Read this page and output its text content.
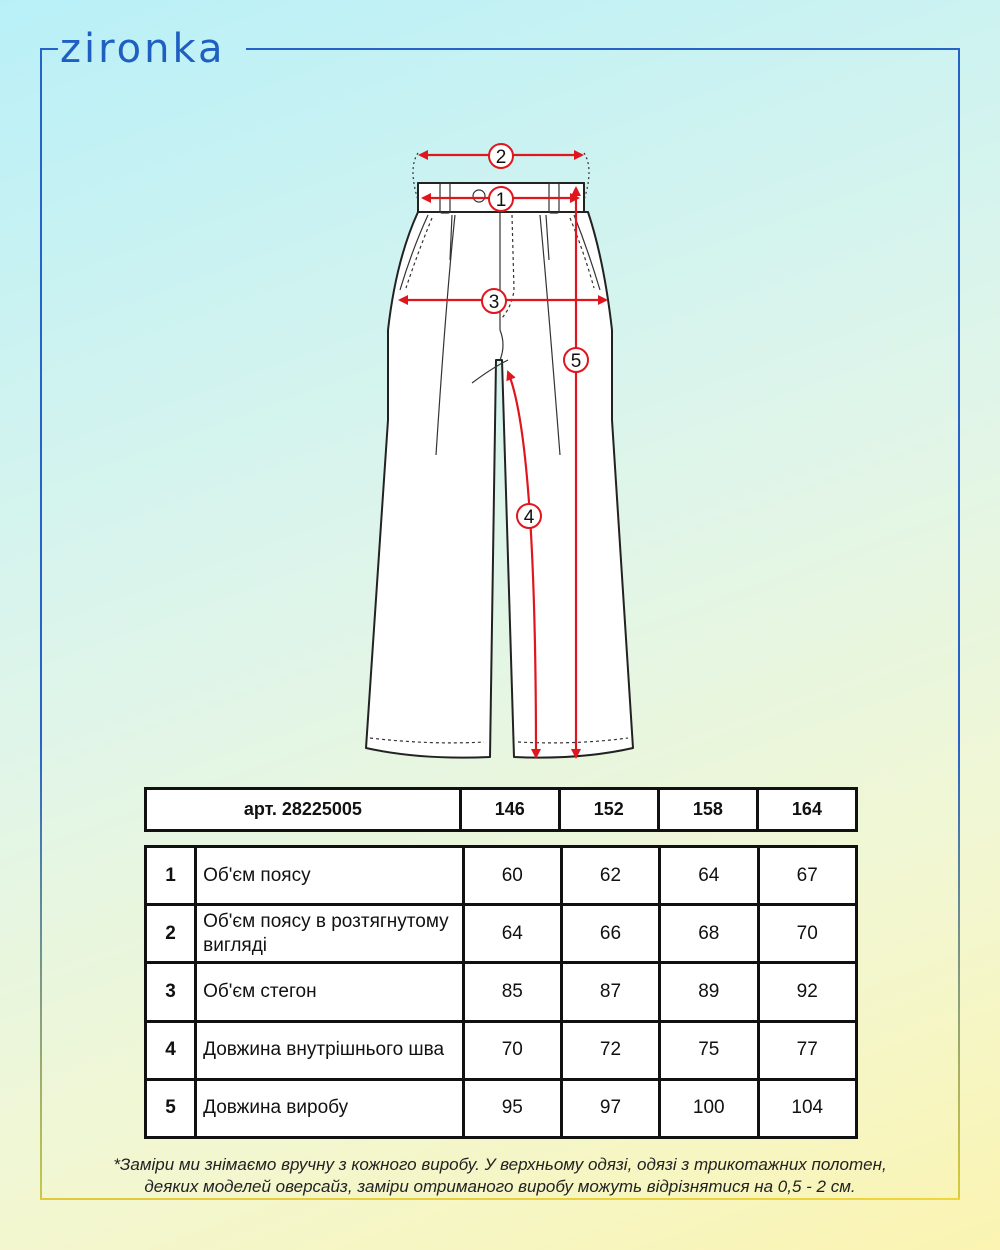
zironka
1
2
3
4
5
арт. 28225005	146	152	158	164
1	Об'єм поясу	60	62	64	67
2	Об'єм поясу в розтягнутому вигляді	64	66	68	70
3	Об'єм стегон	85	87	89	92
4	Довжина внутрішнього шва	70	72	75	77
5	Довжина виробу	95	97	100	104
*Заміри ми знімаємо вручну з кожного виробу. У верхньому одязі, одязі з трикотажних полотен,
деяких моделей оверсайз, заміри отриманого виробу можуть відрізнятися на 0,5 - 2 см.
